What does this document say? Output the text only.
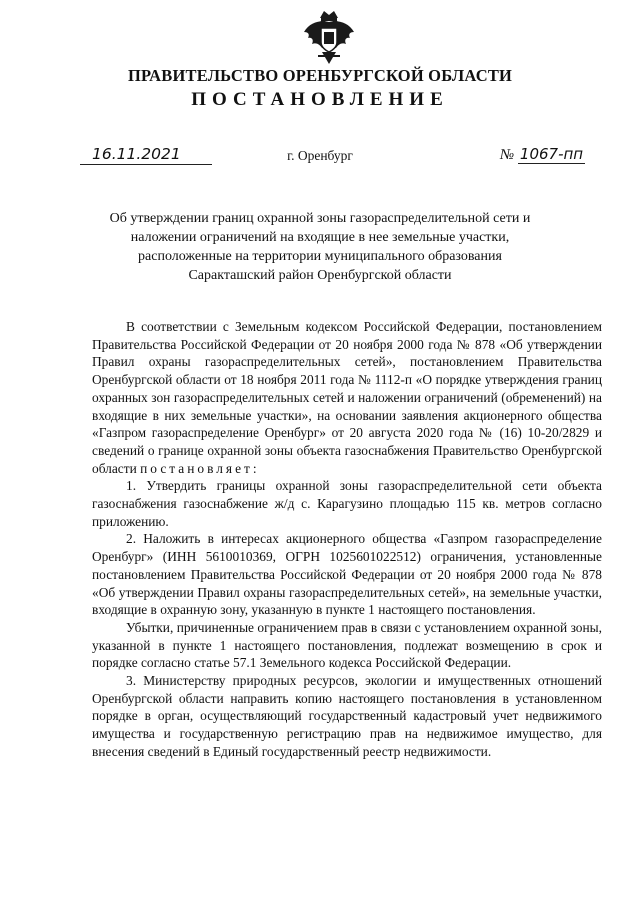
ПРАВИТЕЛЬСТВО ОРЕНБУРГСКОЙ ОБЛАСТИ
ПОСТАНОВЛЕНИЕ
16.11.2021	г. Оренбург	№ 1067-пп
Об утверждении границ охранной зоны газораспределительной сети и
наложении ограничений на входящие в нее земельные участки,
расположенные на территории муниципального образования
Саракташский район Оренбургской области

В соответствии с Земельным кодексом Российской Федерации, постановлением Правительства Российской Федерации от 20 ноября 2000 года № 878 «Об утверждении Правил охраны газораспределительных сетей», постановлением Правительства Оренбургской области от 18 ноября 2011 года № 1112-п «О порядке утверждения границ охранных зон газораспределительных сетей и наложении ограничений (обременений) на входящие в них земельные участки», на основании заявления акционерного общества «Газпром газораспределение Оренбург» от 20 августа 2020 года № (16) 10-20/2829 и сведений о границе охранной зоны объекта газоснабжения Правительство Оренбургской области постановляет:

1. Утвердить границы охранной зоны газораспределительной сети объекта газоснабжения газоснабжение ж/д с. Карагузино площадью 115 кв. метров согласно приложению.

2. Наложить в интересах акционерного общества «Газпром газораспределение Оренбург» (ИНН 5610010369, ОГРН 1025601022512) ограничения, установленные постановлением Правительства Российской Федерации от 20 ноября 2000 года № 878 «Об утверждении Правил охраны газораспределительных сетей», на земельные участки, входящие в охранную зону, указанную в пункте 1 настоящего постановления.

Убытки, причиненные ограничением прав в связи с установлением охранной зоны, указанной в пункте 1 настоящего постановления, подлежат возмещению в срок и порядке согласно статье 57.1 Земельного кодекса Российской Федерации.

3. Министерству природных ресурсов, экологии и имущественных отношений Оренбургской области направить копию настоящего постановления в установленном порядке в орган, осуществляющий государственный кадастровый учет недвижимого имущества и государственную регистрацию прав на недвижимое имущество, для внесения сведений в Единый государственный реестр недвижимости.
